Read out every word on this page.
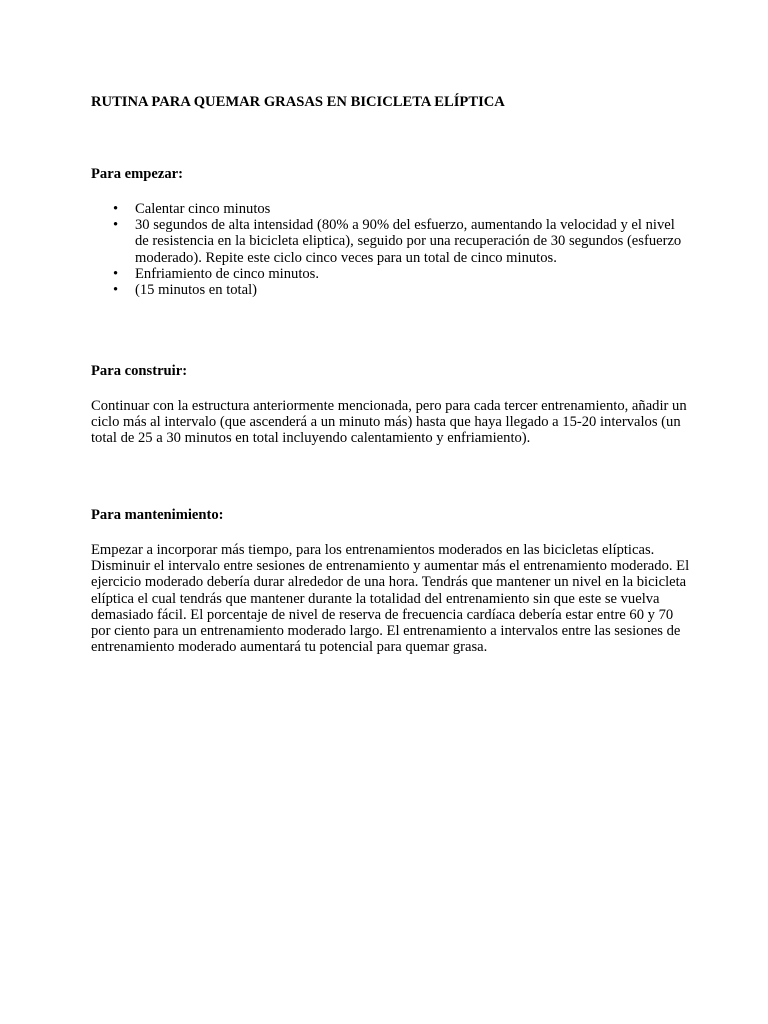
RUTINA PARA QUEMAR GRASAS EN BICICLETA ELÍPTICA
Para empezar:
• Calentar cinco minutos
• 30 segundos de alta intensidad (80% a 90% del esfuerzo, aumentando la velocidad y el nivel de resistencia en la bicicleta eliptica), seguido por una recuperación de 30 segundos (esfuerzo moderado). Repite este ciclo cinco veces para un total de cinco minutos.
• Enfriamiento de cinco minutos.
• (15 minutos en total)
Para construir:

Continuar con la estructura anteriormente mencionada, pero para cada tercer entrenamiento, añadir un ciclo más al intervalo (que ascenderá a un minuto más) hasta que haya llegado a 15-20 intervalos (un total de 25 a 30 minutos en total incluyendo calentamiento y enfriamiento).

Para mantenimiento:

Empezar a incorporar más tiempo, para los entrenamientos moderados en las bicicletas elípticas. Disminuir el intervalo entre sesiones de entrenamiento y aumentar más el entrenamiento moderado. El ejercicio moderado debería durar alrededor de una hora. Tendrás que mantener un nivel en la bicicleta elíptica el cual tendrás que mantener durante la totalidad del entrenamiento sin que este se vuelva demasiado fácil. El porcentaje de nivel de reserva de frecuencia cardíaca debería estar entre 60 y 70 por ciento para un entrenamiento moderado largo. El entrenamiento a intervalos entre las sesiones de entrenamiento moderado aumentará tu potencial para quemar grasa.
